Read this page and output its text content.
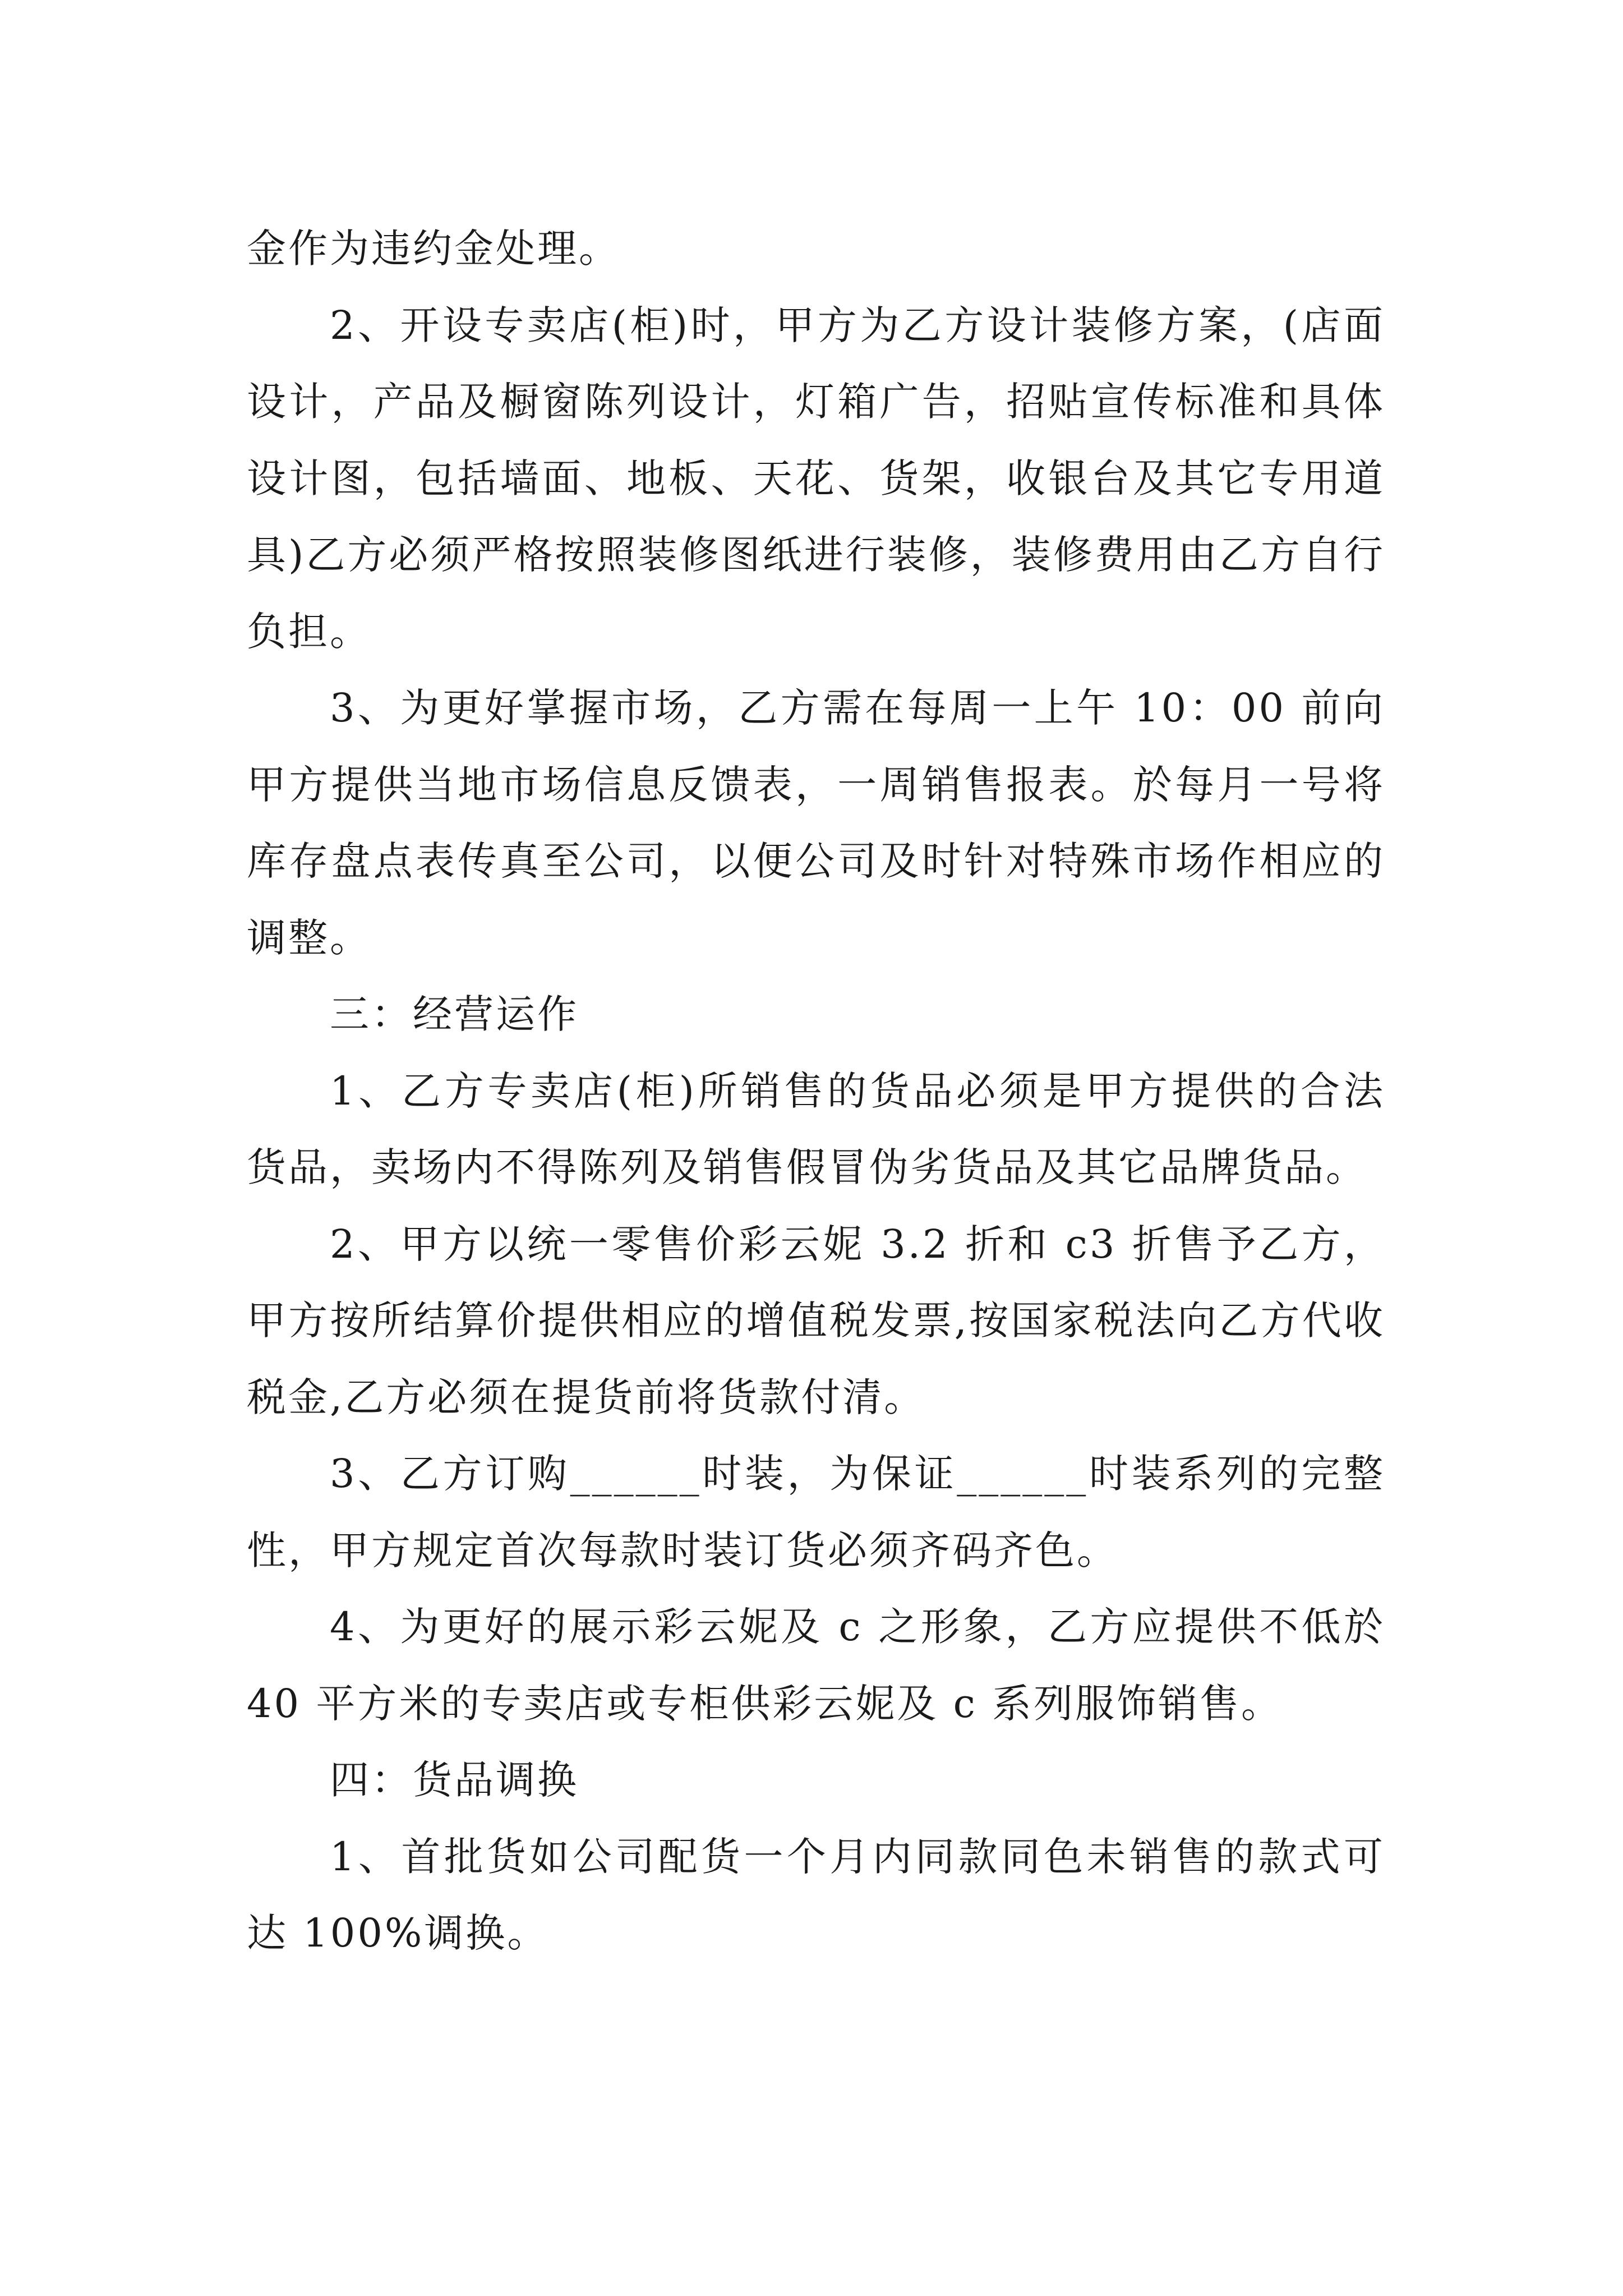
金作为违约金处理。

2、开设专卖店(柜)时，甲方为乙方设计装修方案，(店面设计，产品及橱窗陈列设计，灯箱广告，招贴宣传标准和具体设计图，包括墙面、地板、天花、货架，收银台及其它专用道具)乙方必须严格按照装修图纸进行装修，装修费用由乙方自行负担。

3、为更好掌握市场，乙方需在每周一上午 10：00 前向甲方提供当地市场信息反馈表，一周销售报表。於每月一号将库存盘点表传真至公司，以便公司及时针对特殊市场作相应的调整。

三：经营运作

1、乙方专卖店(柜)所销售的货品必须是甲方提供的合法货品，卖场内不得陈列及销售假冒伪劣货品及其它品牌货品。

2、甲方以统一零售价彩云妮 3.2 折和 c3 折售予乙方，甲方按所结算价提供相应的增值税发票,按国家税法向乙方代收税金,乙方必须在提货前将货款付清。

3、乙方订购______时装，为保证______时装系列的完整性，甲方规定首次每款时装订货必须齐码齐色。

4、为更好的展示彩云妮及 c 之形象，乙方应提供不低於 40 平方米的专卖店或专柜供彩云妮及 c 系列服饰销售。

四：货品调换

1、首批货如公司配货一个月内同款同色未销售的款式可达 100%调换。
